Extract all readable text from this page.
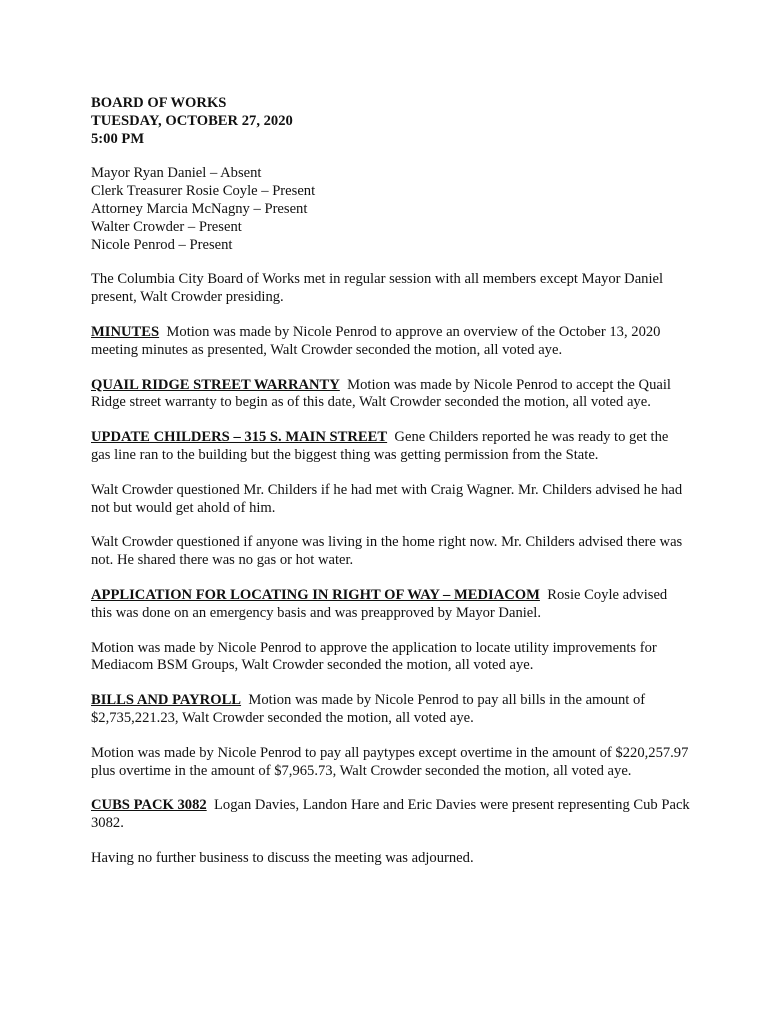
BOARD OF WORKS
TUESDAY, OCTOBER 27, 2020
5:00 PM
Mayor Ryan Daniel – Absent
Clerk Treasurer Rosie Coyle – Present
Attorney Marcia McNagny – Present
Walter Crowder – Present
Nicole Penrod – Present

The Columbia City Board of Works met in regular session with all members except Mayor Daniel present, Walt Crowder presiding.

MINUTES Motion was made by Nicole Penrod to approve an overview of the October 13, 2020 meeting minutes as presented, Walt Crowder seconded the motion, all voted aye.

QUAIL RIDGE STREET WARRANTY Motion was made by Nicole Penrod to accept the Quail Ridge street warranty to begin as of this date, Walt Crowder seconded the motion, all voted aye.

UPDATE CHILDERS – 315 S. MAIN STREET Gene Childers reported he was ready to get the gas line ran to the building but the biggest thing was getting permission from the State.

Walt Crowder questioned Mr. Childers if he had met with Craig Wagner. Mr. Childers advised he had not but would get ahold of him.

Walt Crowder questioned if anyone was living in the home right now. Mr. Childers advised there was not. He shared there was no gas or hot water.

APPLICATION FOR LOCATING IN RIGHT OF WAY – MEDIACOM Rosie Coyle advised this was done on an emergency basis and was preapproved by Mayor Daniel.

Motion was made by Nicole Penrod to approve the application to locate utility improvements for Mediacom BSM Groups, Walt Crowder seconded the motion, all voted aye.

BILLS AND PAYROLL Motion was made by Nicole Penrod to pay all bills in the amount of $2,735,221.23, Walt Crowder seconded the motion, all voted aye.

Motion was made by Nicole Penrod to pay all paytypes except overtime in the amount of $220,257.97 plus overtime in the amount of $7,965.73, Walt Crowder seconded the motion, all voted aye.

CUBS PACK 3082 Logan Davies, Landon Hare and Eric Davies were present representing Cub Pack 3082.

Having no further business to discuss the meeting was adjourned.
